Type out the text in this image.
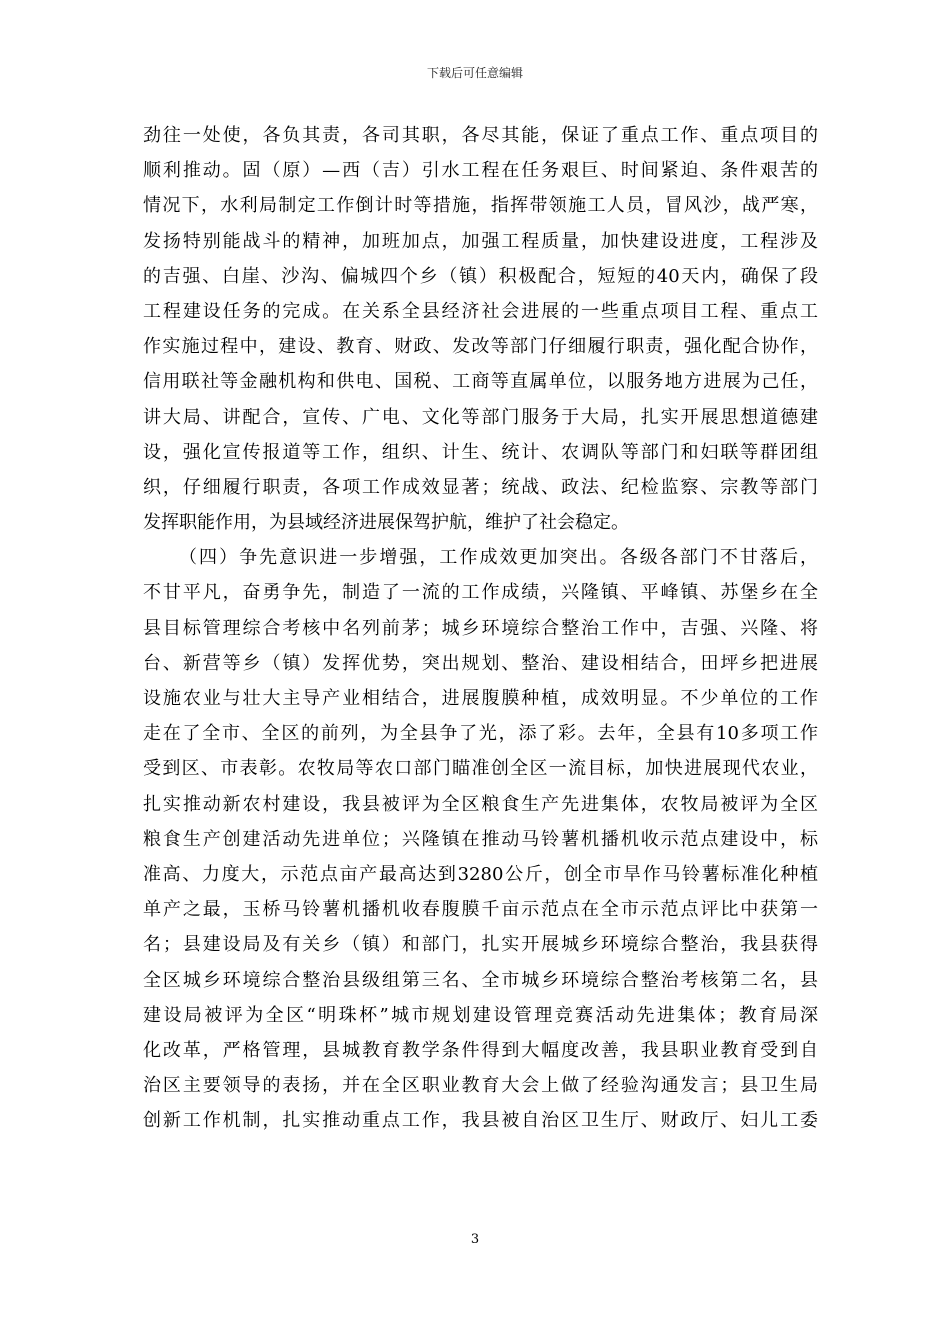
下载后可任意编辑
劲往一处使，各负其责，各司其职，各尽其能，保证了重点工作、重点项目的
顺利推动。固（原）—西（吉）引水工程在任务艰巨、时间紧迫、条件艰苦的
情况下，水利局制定工作倒计时等措施，指挥带领施工人员，冒风沙，战严寒，
发扬特别能战斗的精神，加班加点，加强工程质量，加快建设进度，工程涉及
的吉强、白崖、沙沟、偏城四个乡（镇）积极配合，短短的40天内，确保了段
工程建设任务的完成。在关系全县经济社会进展的一些重点项目工程、重点工
作实施过程中，建设、教育、财政、发改等部门仔细履行职责，强化配合协作，
信用联社等金融机构和供电、国税、工商等直属单位，以服务地方进展为己任，
讲大局、讲配合，宣传、广电、文化等部门服务于大局，扎实开展思想道德建
设，强化宣传报道等工作，组织、计生、统计、农调队等部门和妇联等群团组
织，仔细履行职责，各项工作成效显著；统战、政法、纪检监察、宗教等部门
发挥职能作用，为县域经济进展保驾护航，维护了社会稳定。
（四）争先意识进一步增强，工作成效更加突出。各级各部门不甘落后，
不甘平凡，奋勇争先，制造了一流的工作成绩，兴隆镇、平峰镇、苏堡乡在全
县目标管理综合考核中名列前茅；城乡环境综合整治工作中，吉强、兴隆、将
台、新营等乡（镇）发挥优势，突出规划、整治、建设相结合，田坪乡把进展
设施农业与壮大主导产业相结合，进展腹膜种植，成效明显。不少单位的工作
走在了全市、全区的前列，为全县争了光，添了彩。去年，全县有10多项工作
受到区、市表彰。农牧局等农口部门瞄准创全区一流目标，加快进展现代农业，
扎实推动新农村建设，我县被评为全区粮食生产先进集体，农牧局被评为全区
粮食生产创建活动先进单位；兴隆镇在推动马铃薯机播机收示范点建设中，标
准高、力度大，示范点亩产最高达到3280公斤，创全市旱作马铃薯标准化种植
单产之最，玉桥马铃薯机播机收春腹膜千亩示范点在全市示范点评比中获第一
名；县建设局及有关乡（镇）和部门，扎实开展城乡环境综合整治，我县获得
全区城乡环境综合整治县级组第三名、全市城乡环境综合整治考核第二名，县
建设局被评为全区“明珠杯”城市规划建设管理竞赛活动先进集体；教育局深
化改革，严格管理，县城教育教学条件得到大幅度改善，我县职业教育受到自
治区主要领导的表扬，并在全区职业教育大会上做了经验沟通发言；县卫生局
创新工作机制，扎实推动重点工作，我县被自治区卫生厅、财政厅、妇儿工委
3
